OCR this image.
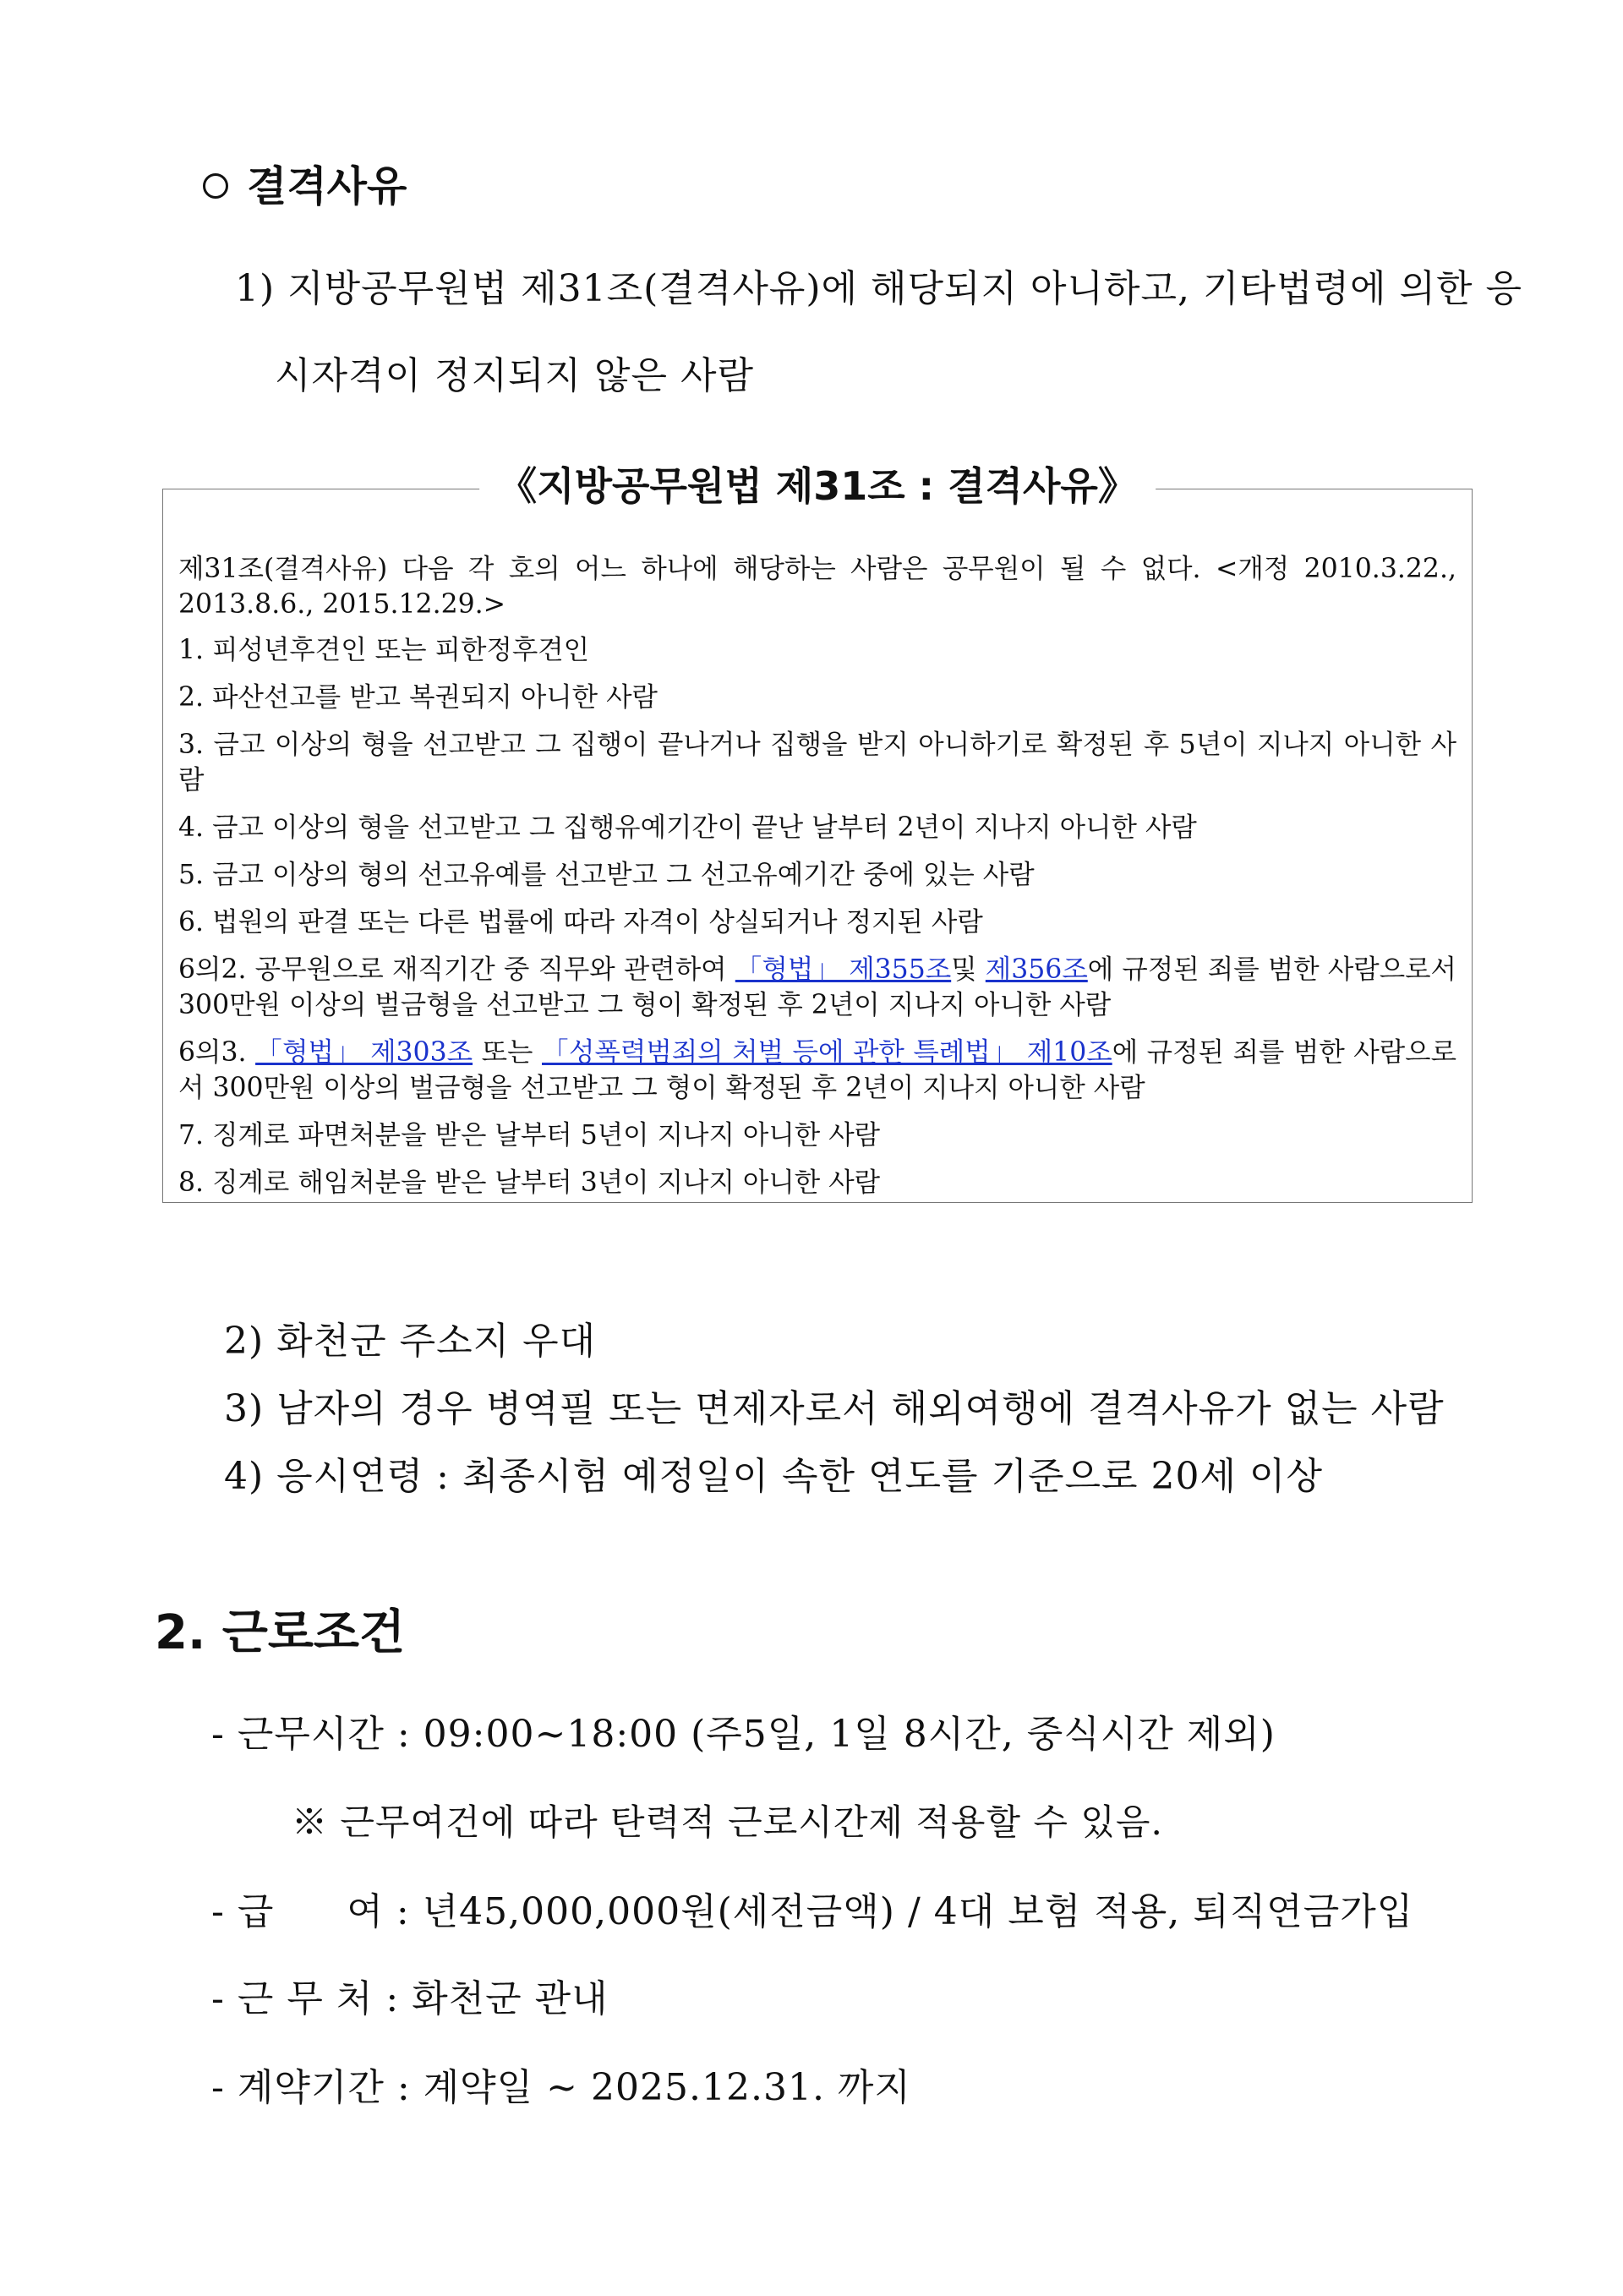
결격사유
1) 지방공무원법 제31조(결격사유)에 해당되지 아니하고, 기타법령에 의한 응
시자격이 정지되지 않은 사람
《지방공무원법 제31조 : 결격사유》

제31조(결격사유) 다음 각 호의 어느 하나에 해당하는 사람은 공무원이 될 수 없다. <개정 2010.3.22., 2013.8.6., 2015.12.29.>

1. 피성년후견인 또는 피한정후견인

2. 파산선고를 받고 복권되지 아니한 사람

3. 금고 이상의 형을 선고받고 그 집행이 끝나거나 집행을 받지 아니하기로 확정된 후 5년이 지나지 아니한 사람

4. 금고 이상의 형을 선고받고 그 집행유예기간이 끝난 날부터 2년이 지나지 아니한 사람

5. 금고 이상의 형의 선고유예를 선고받고 그 선고유예기간 중에 있는 사람

6. 법원의 판결 또는 다른 법률에 따라 자격이 상실되거나 정지된 사람

6의2. 공무원으로 재직기간 중 직무와 관련하여 「형법」 제355조및 제356조에 규정된 죄를 범한 사람으로서 300만원 이상의 벌금형을 선고받고 그 형이 확정된 후 2년이 지나지 아니한 사람

6의3. 「형법」 제303조 또는 「성폭력범죄의 처벌 등에 관한 특례법」 제10조에 규정된 죄를 범한 사람으로서 300만원 이상의 벌금형을 선고받고 그 형이 확정된 후 2년이 지나지 아니한 사람

7. 징계로 파면처분을 받은 날부터 5년이 지나지 아니한 사람

8. 징계로 해임처분을 받은 날부터 3년이 지나지 아니한 사람

2) 화천군 주소지 우대
3) 남자의 경우 병역필 또는 면제자로서 해외여행에 결격사유가 없는 사람
4) 응시연령 : 최종시험 예정일이 속한 연도를 기준으로 20세 이상
2. 근로조건
- 근무시간 : 09:00~18:00 (주5일, 1일 8시간, 중식시간 제외)
※ 근무여건에 따라 탄력적 근로시간제 적용할 수 있음.
- 급 여 : 년45,000,000원(세전금액) / 4대 보험 적용, 퇴직연금가입
- 근 무 처 : 화천군 관내
- 계약기간 : 계약일 ~ 2025.12.31. 까지
